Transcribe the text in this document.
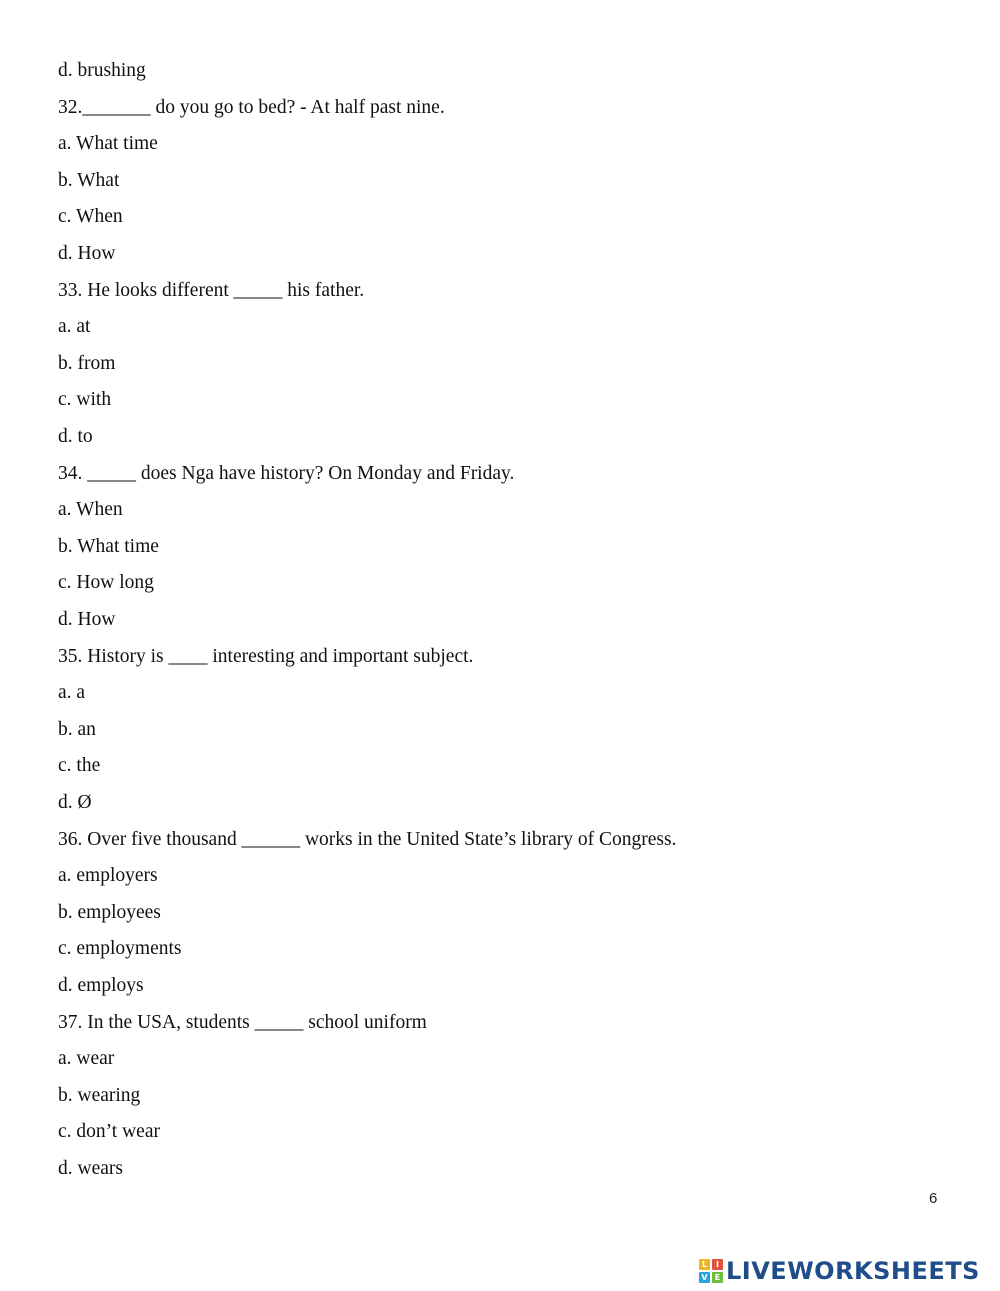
d. brushing

32._______ do you go to bed? - At half past nine.

a. What time

b. What

c. When

d. How

33. He looks different _____ his father.

a. at

b. from

c. with

d. to

34. _____ does Nga have history? On Monday and Friday.

a. When

b. What time

c. How long

d. How

35. History is ____ interesting and important subject.

a. a

b. an

c. the

d. Ø

36. Over five thousand ______ works in the United State’s library of Congress.

a. employers

b. employees

c. employments

d. employs

37. In the USA, students _____ school uniform

a. wear

b. wearing

c. don’t wear

d. wears

6
L	I
V E LIVEWORKSHEETS
